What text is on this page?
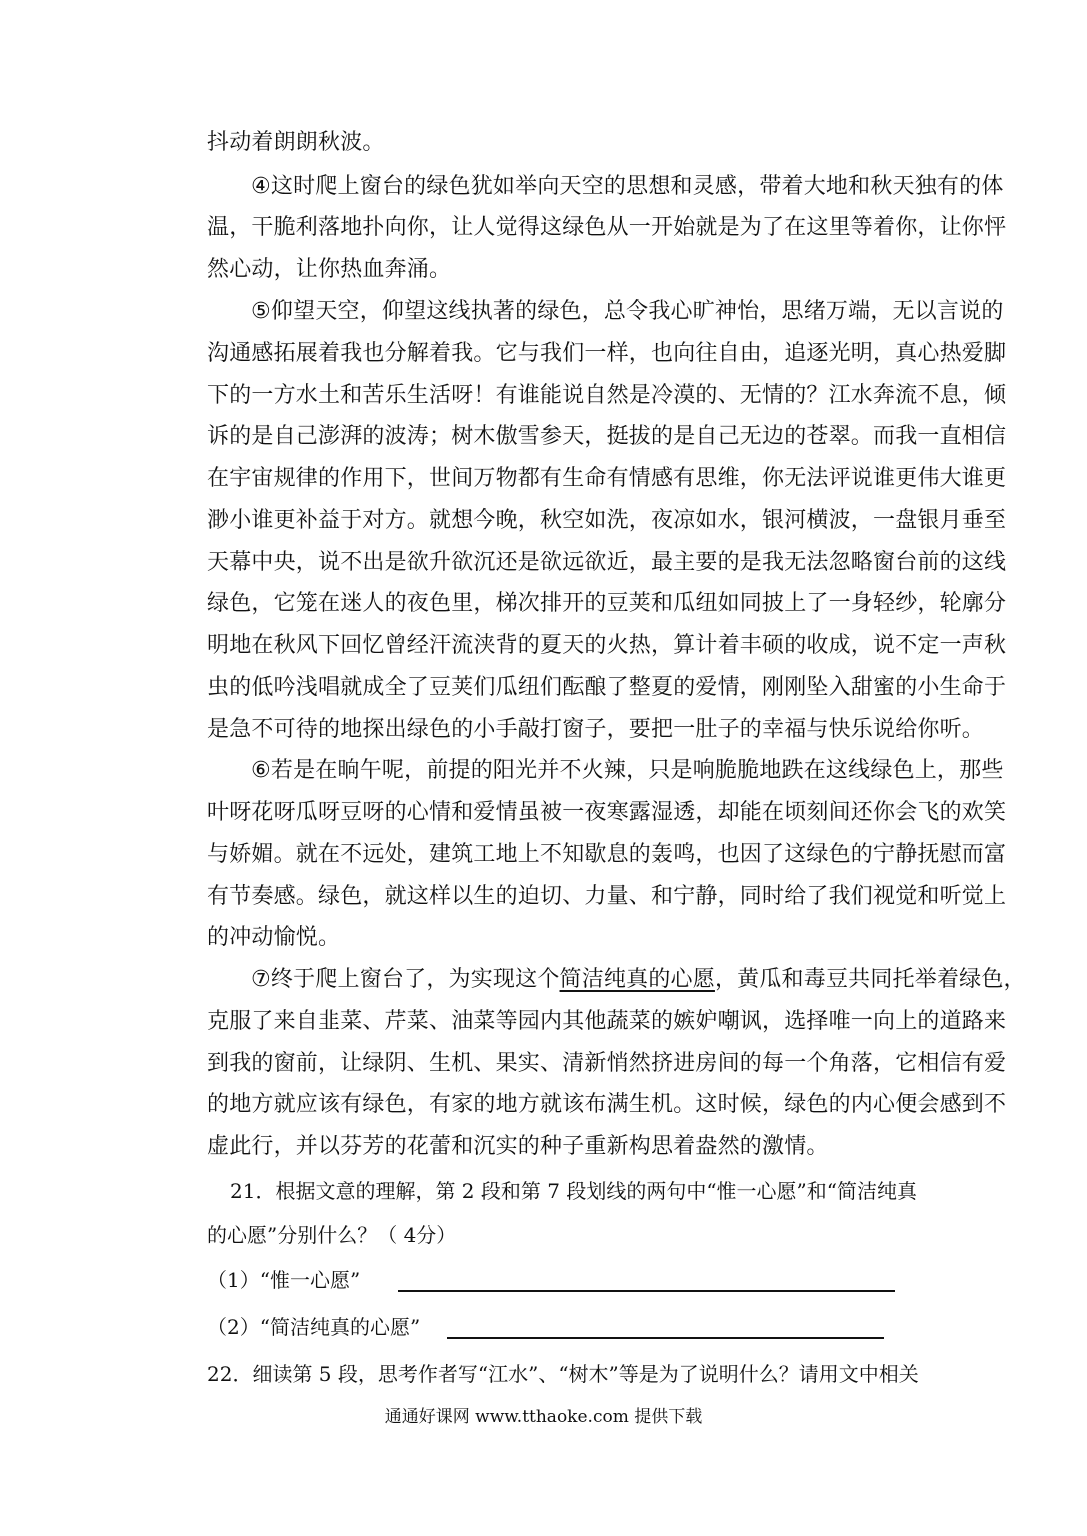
抖动着朗朗秋波。
④这时爬上窗台的绿色犹如举向天空的思想和灵感，带着大地和秋天独有的体
温，干脆利落地扑向你，让人觉得这绿色从一开始就是为了在这里等着你，让你怦
然心动，让你热血奔涌。
⑤仰望天空，仰望这线执著的绿色，总令我心旷神怡，思绪万端，无以言说的
沟通感拓展着我也分解着我。它与我们一样，也向往自由，追逐光明，真心热爱脚
下的一方水土和苦乐生活呀！有谁能说自然是冷漠的、无情的？江水奔流不息，倾
诉的是自己澎湃的波涛；树木傲雪参天，挺拔的是自己无边的苍翠。而我一直相信
在宇宙规律的作用下，世间万物都有生命有情感有思维，你无法评说谁更伟大谁更
渺小谁更补益于对方。就想今晚，秋空如洗，夜凉如水，银河横波，一盘银月垂至
天幕中央，说不出是欲升欲沉还是欲远欲近，最主要的是我无法忽略窗台前的这线
绿色，它笼在迷人的夜色里，梯次排开的豆荚和瓜纽如同披上了一身轻纱，轮廓分
明地在秋风下回忆曾经汗流浃背的夏天的火热，算计着丰硕的收成，说不定一声秋
虫的低吟浅唱就成全了豆荚们瓜纽们酝酿了整夏的爱情，刚刚坠入甜蜜的小生命于
是急不可待的地探出绿色的小手敲打窗子，要把一肚子的幸福与快乐说给你听。
⑥若是在晌午呢，前提的阳光并不火辣，只是响脆脆地跌在这线绿色上，那些
叶呀花呀瓜呀豆呀的心情和爱情虽被一夜寒露湿透，却能在顷刻间还你会飞的欢笑
与娇媚。就在不远处，建筑工地上不知歇息的轰鸣，也因了这绿色的宁静抚慰而富
有节奏感。绿色，就这样以生的迫切、力量、和宁静，同时给了我们视觉和听觉上
的冲动愉悦。
⑦终于爬上窗台了，为实现这个简洁纯真的心愿，黄瓜和毒豆共同托举着绿色，
克服了来自韭菜、芹菜、油菜等园内其他蔬菜的嫉妒嘲讽，选择唯一向上的道路来
到我的窗前，让绿阴、生机、果实、清新悄然挤进房间的每一个角落，它相信有爱
的地方就应该有绿色，有家的地方就该布满生机。这时候，绿色的内心便会感到不
虚此行，并以芬芳的花蕾和沉实的种子重新构思着盎然的激情。
21．根据文意的理解，第 2 段和第 7 段划线的两句中“惟一心愿”和“简洁纯真
的心愿”分别什么？（ 4分）
（1）“惟一心愿”
（2）“简洁纯真的心愿”
22．细读第 5 段，思考作者写“江水”、“树木”等是为了说明什么？请用文中相关
通通好课网 www.tthaoke.com 提供下载
